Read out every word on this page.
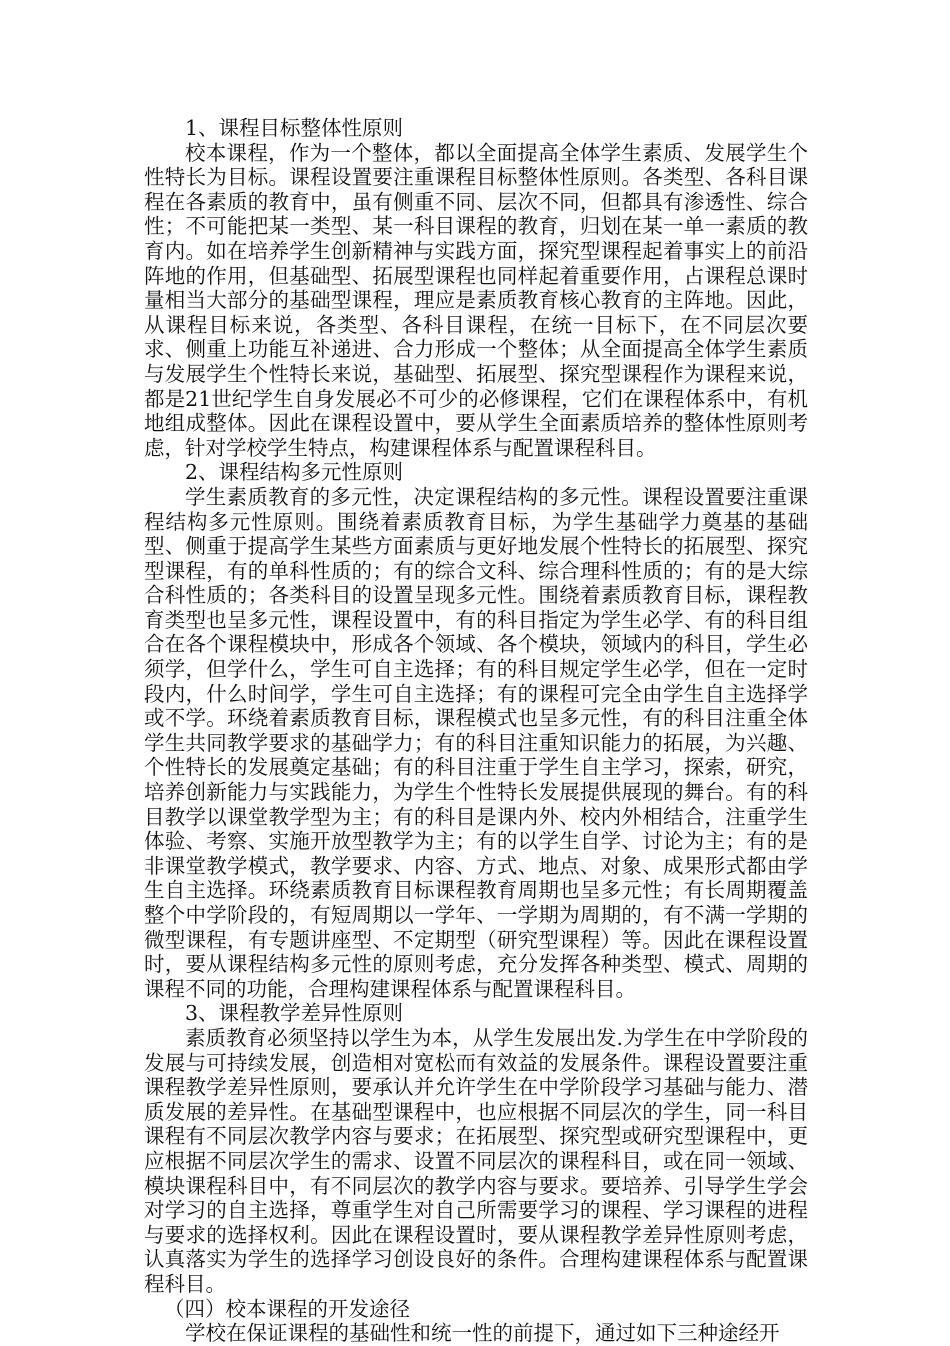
1、课程目标整体性原则

校本课程，作为一个整体，都以全面提高全体学生素质、发展学生个性特长为目标。课程设置要注重课程目标整体性原则。各类型、各科目课程在各素质的教育中，虽有侧重不同、层次不同，但都具有渗透性、综合性；不可能把某一类型、某一科目课程的教育，归划在某一单一素质的教育内。如在培养学生创新精神与实践方面，探究型课程起着事实上的前沿阵地的作用，但基础型、拓展型课程也同样起着重要作用，占课程总课时量相当大部分的基础型课程，理应是素质教育核心教育的主阵地。因此，从课程目标来说，各类型、各科目课程，在统一目标下，在不同层次要求、侧重上功能互补递进、合力形成一个整体；从全面提高全体学生素质与发展学生个性特长来说，基础型、拓展型、探究型课程作为课程来说，都是21世纪学生自身发展必不可少的必修课程，它们在课程体系中，有机地组成整体。因此在课程设置中，要从学生全面素质培养的整体性原则考虑，针对学校学生特点，构建课程体系与配置课程科目。

2、课程结构多元性原则

学生素质教育的多元性，决定课程结构的多元性。课程设置要注重课程结构多元性原则。围绕着素质教育目标，为学生基础学力奠基的基础型、侧重于提高学生某些方面素质与更好地发展个性特长的拓展型、探究型课程，有的单科性质的；有的综合文科、综合理科性质的；有的是大综合科性质的；各类科目的设置呈现多元性。围绕着素质教育目标，课程教育类型也呈多元性，课程设置中，有的科目指定为学生必学、有的科目组合在各个课程模块中，形成各个领域、各个模块，领域内的科目，学生必须学，但学什么，学生可自主选择；有的科目规定学生必学，但在一定时段内，什么时间学，学生可自主选择；有的课程可完全由学生自主选择学或不学。环绕着素质教育目标，课程模式也呈多元性，有的科目注重全体学生共同教学要求的基础学力；有的科目注重知识能力的拓展，为兴趣、个性特长的发展奠定基础；有的科目注重于学生自主学习，探索，研究，培养创新能力与实践能力，为学生个性特长发展提供展现的舞台。有的科目教学以课堂教学型为主；有的科目是课内外、校内外相结合，注重学生体验、考察、实施开放型教学为主；有的以学生自学、讨论为主；有的是非课堂教学模式，教学要求、内容、方式、地点、对象、成果形式都由学生自主选择。环绕素质教育目标课程教育周期也呈多元性；有长周期覆盖整个中学阶段的，有短周期以一学年、一学期为周期的，有不满一学期的微型课程，有专题讲座型、不定期型（研究型课程）等。因此在课程设置时，要从课程结构多元性的原则考虑，充分发挥各种类型、模式、周期的课程不同的功能，合理构建课程体系与配置课程科目。

3、课程教学差异性原则

素质教育必须坚持以学生为本，从学生发展出发.为学生在中学阶段的发展与可持续发展，创造相对宽松而有效益的发展条件。课程设置要注重课程教学差异性原则，要承认并允许学生在中学阶段学习基础与能力、潜质发展的差异性。在基础型课程中，也应根据不同层次的学生，同一科目课程有不同层次教学内容与要求；在拓展型、探究型或研究型课程中，更应根据不同层次学生的需求、设置不同层次的课程科目，或在同一领域、模块课程科目中，有不同层次的教学内容与要求。要培养、引导学生学会对学习的自主选择，尊重学生对自己所需要学习的课程、学习课程的进程与要求的选择权利。因此在课程设置时，要从课程教学差异性原则考虑，认真落实为学生的选择学习创设良好的条件。合理构建课程体系与配置课程科目。

（四）校本课程的开发途径

学校在保证课程的基础性和统一性的前提下，通过如下三种途经开
